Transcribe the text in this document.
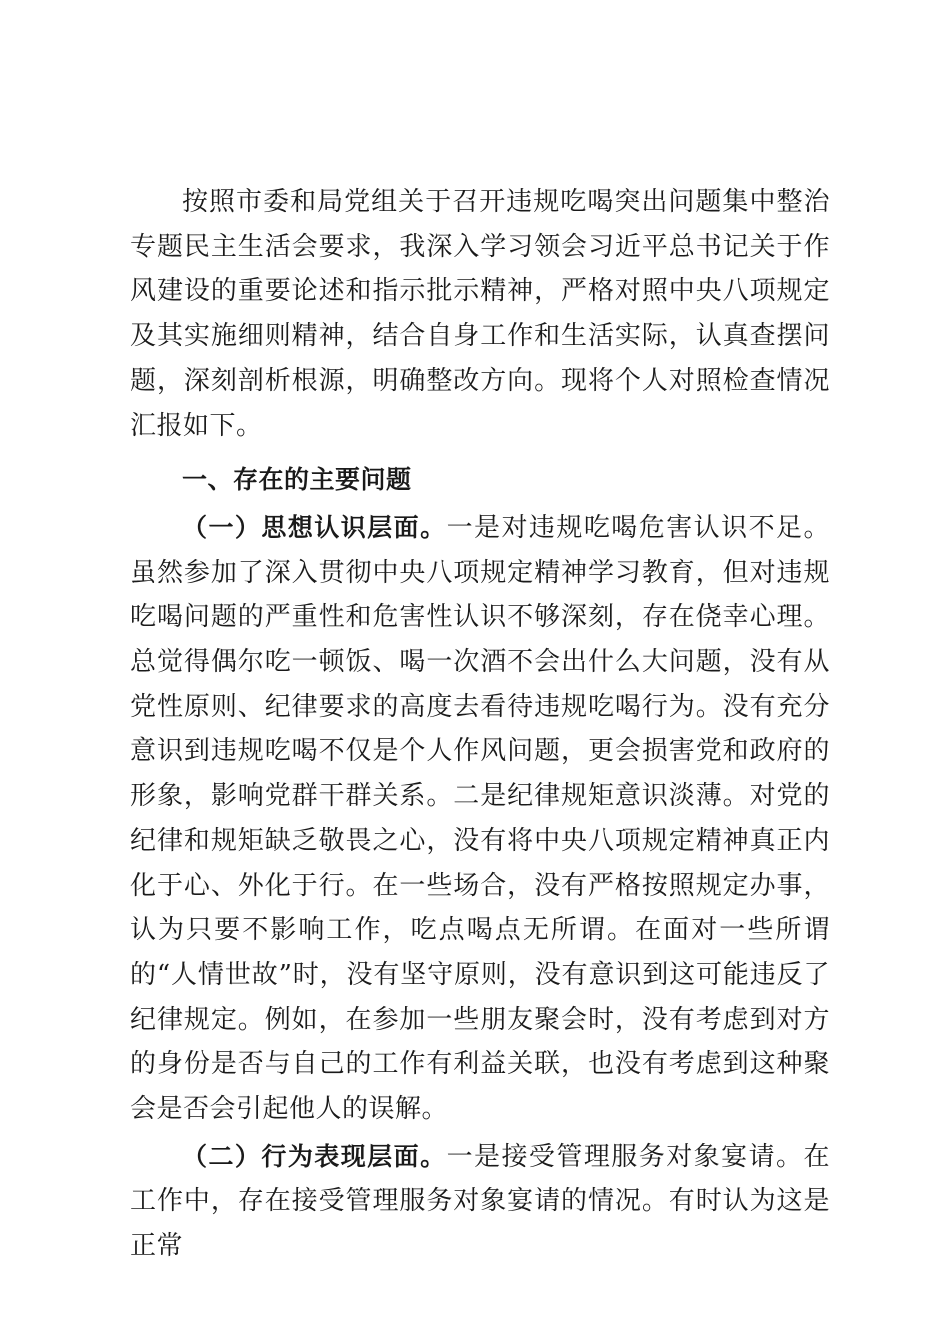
按照市委和局党组关于召开违规吃喝突出问题集中整治专题民主生活会要求，我深入学习领会习近平总书记关于作风建设的重要论述和指示批示精神，严格对照中央八项规定及其实施细则精神，结合自身工作和生活实际，认真查摆问题，深刻剖析根源，明确整改方向。现将个人对照检查情况汇报如下。

一、存在的主要问题

（一）思想认识层面。一是对违规吃喝危害认识不足。虽然参加了深入贯彻中央八项规定精神学习教育，但对违规吃喝问题的严重性和危害性认识不够深刻，存在侥幸心理。总觉得偶尔吃一顿饭、喝一次酒不会出什么大问题，没有从党性原则、纪律要求的高度去看待违规吃喝行为。没有充分意识到违规吃喝不仅是个人作风问题，更会损害党和政府的形象，影响党群干群关系。二是纪律规矩意识淡薄。对党的纪律和规矩缺乏敬畏之心，没有将中央八项规定精神真正内化于心、外化于行。在一些场合，没有严格按照规定办事，认为只要不影响工作，吃点喝点无所谓。在面对一些所谓的“人情世故”时，没有坚守原则，没有意识到这可能违反了纪律规定。例如，在参加一些朋友聚会时，没有考虑到对方的身份是否与自己的工作有利益关联，也没有考虑到这种聚会是否会引起他人的误解。

（二）行为表现层面。一是接受管理服务对象宴请。在工作中，存在接受管理服务对象宴请的情况。有时认为这是正常
